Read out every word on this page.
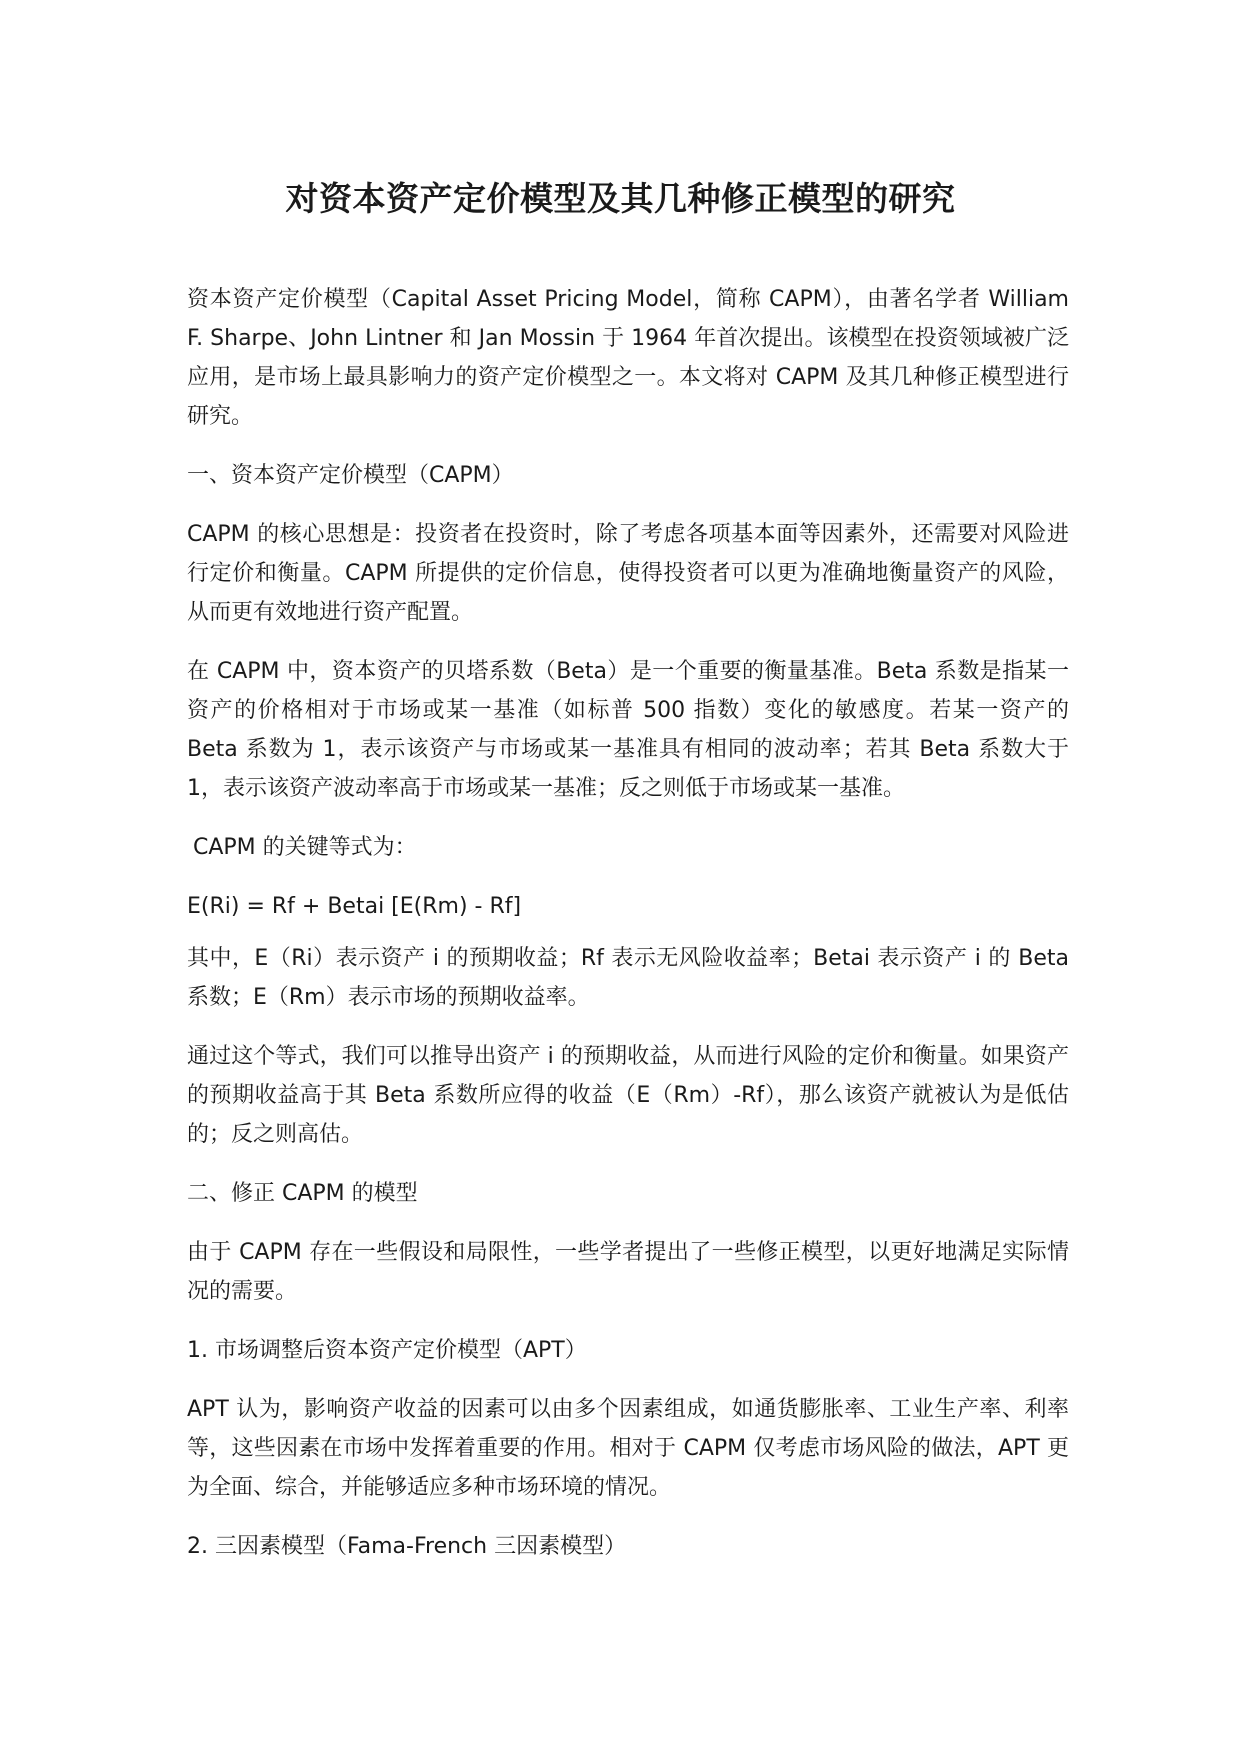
对资本资产定价模型及其几种修正模型的研究

资本资产定价模型（Capital Asset Pricing Model，简称 CAPM），由著名学者 William F. Sharpe、John Lintner 和 Jan Mossin 于 1964 年首次提出。该模型在投资领域被广泛应用，是市场上最具影响力的资产定价模型之一。本文将对 CAPM 及其几种修正模型进行研究。

一、资本资产定价模型（CAPM）

CAPM 的核心思想是：投资者在投资时，除了考虑各项基本面等因素外，还需要对风险进行定价和衡量。CAPM 所提供的定价信息，使得投资者可以更为准确地衡量资产的风险，从而更有效地进行资产配置。

在 CAPM 中，资本资产的贝塔系数（Beta）是一个重要的衡量基准。Beta 系数是指某一资产的价格相对于市场或某一基准（如标普 500 指数）变化的敏感度。若某一资产的 Beta 系数为 1，表示该资产与市场或某一基准具有相同的波动率；若其 Beta 系数大于 1，表示该资产波动率高于市场或某一基准；反之则低于市场或某一基准。

CAPM 的关键等式为：

E(Ri) = Rf + Betai [E(Rm) - Rf]

其中，E（Ri）表示资产 i 的预期收益；Rf 表示无风险收益率；Betai 表示资产 i 的 Beta 系数；E（Rm）表示市场的预期收益率。

通过这个等式，我们可以推导出资产 i 的预期收益，从而进行风险的定价和衡量。如果资产的预期收益高于其 Beta 系数所应得的收益（E（Rm）-Rf），那么该资产就被认为是低估的；反之则高估。

二、修正 CAPM 的模型

由于 CAPM 存在一些假设和局限性，一些学者提出了一些修正模型，以更好地满足实际情况的需要。

1. 市场调整后资本资产定价模型（APT）

APT 认为，影响资产收益的因素可以由多个因素组成，如通货膨胀率、工业生产率、利率等，这些因素在市场中发挥着重要的作用。相对于 CAPM 仅考虑市场风险的做法，APT 更为全面、综合，并能够适应多种市场环境的情况。

2. 三因素模型（Fama-French 三因素模型）
